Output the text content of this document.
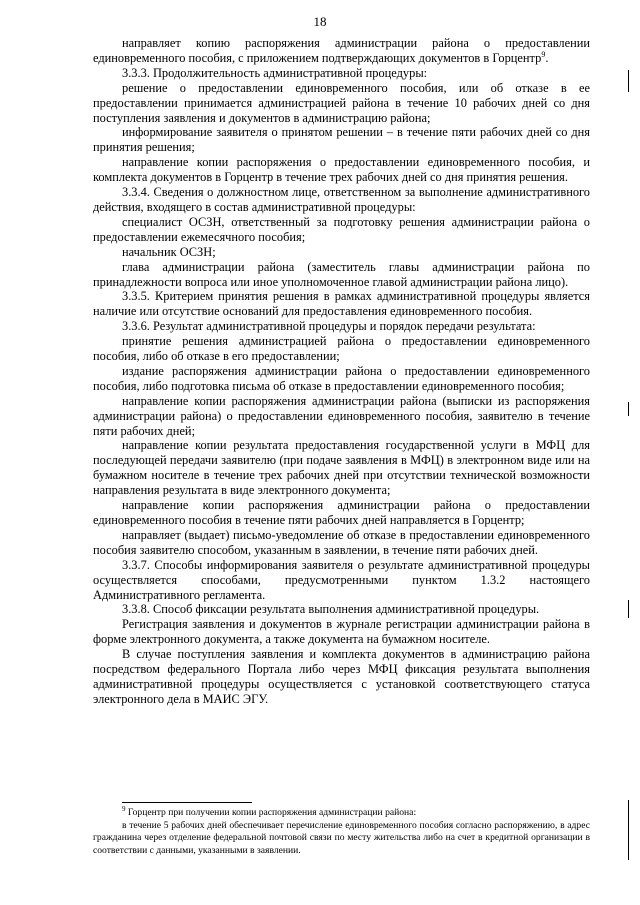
18

направляет копию распоряжения администрации района о предоставлении единовременного пособия, с приложением подтверждающих документов в Горцентр$^9$.

3.3.3. Продолжительность административной процедуры:

решение о предоставлении единовременного пособия, или об отказе в ее предоставлении принимается администрацией района в течение 10 рабочих дней со дня поступления заявления и документов в администрацию района;

информирование заявителя о принятом решении – в течение пяти рабочих дней со дня принятия решения;

направление копии распоряжения о предоставлении единовременного пособия, и комплекта документов в Горцентр в течение трех рабочих дней со дня принятия решения.

3.3.4. Сведения о должностном лице, ответственном за выполнение административного действия, входящего в состав административной процедуры:

специалист ОСЗН, ответственный за подготовку решения администрации района о предоставлении ежемесячного пособия;

начальник ОСЗН;

глава администрации района (заместитель главы администрации района по принадлежности вопроса или иное уполномоченное главой администрации района лицо).

3.3.5. Критерием принятия решения в рамках административной процедуры является наличие или отсутствие оснований для предоставления единовременного пособия.

3.3.6. Результат административной процедуры и порядок передачи результата:

принятие решения администрацией района о предоставлении единовременного пособия, либо об отказе в его предоставлении;

издание распоряжения администрации района о предоставлении единовременного пособия, либо подготовка письма об отказе в предоставлении единовременного пособия;

направление копии распоряжения администрации района (выписки из распоряжения администрации района) о предоставлении единовременного пособия, заявителю в течение пяти рабочих дней;

направление копии результата предоставления государственной услуги в МФЦ для последующей передачи заявителю (при подаче заявления в МФЦ) в электронном виде или на бумажном носителе в течение трех рабочих дней при отсутствии технической возможности направления результата в виде электронного документа;

направление копии распоряжения администрации района о предоставлении единовременного пособия в течение пяти рабочих дней направляется в Горцентр;

направляет (выдает) письмо-уведомление об отказе в предоставлении единовременного пособия заявителю способом, указанным в заявлении, в течение пяти рабочих дней.

3.3.7. Способы информирования заявителя о результате административной процедуры осуществляется способами, предусмотренными пунктом 1.3.2 настоящего Административного регламента.

3.3.8. Способ фиксации результата выполнения административной процедуры.

Регистрация заявления и документов в журнале регистрации администрации района в форме электронного документа, а также документа на бумажном носителе.

В случае поступления заявления и комплекта документов в администрацию района посредством федерального Портала либо через МФЦ фиксация результата выполнения административной процедуры осуществляется с установкой соответствующего статуса электронного дела в МАИС ЭГУ.

$^9$ Горцентр при получении копии распоряжения администрации района:

в течение 5 рабочих дней обеспечивает перечисление единовременного пособия согласно распоряжению, в адрес гражданина через отделение федеральной почтовой связи по месту жительства либо на счет в кредитной организации в соответствии с данными, указанными в заявлении.
